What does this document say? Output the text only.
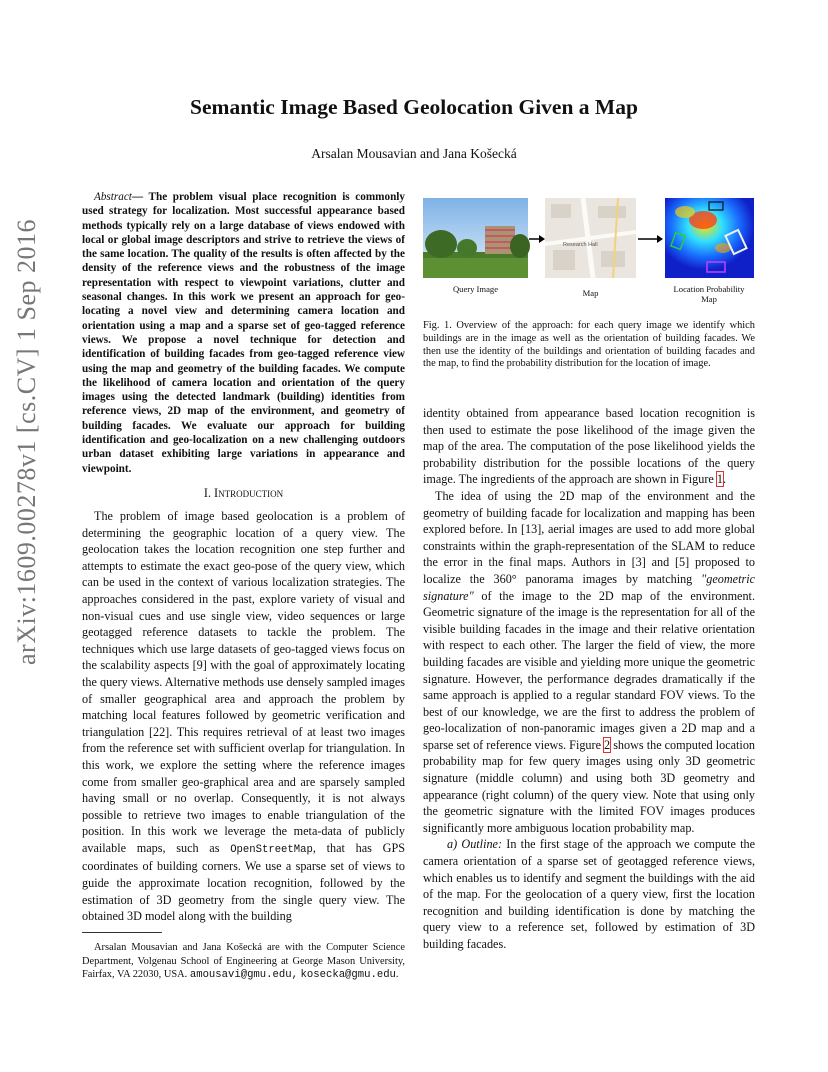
arXiv:1609.00278v1 [cs.CV] 1 Sep 2016
Semantic Image Based Geolocation Given a Map
Arsalan Mousavian and Jana Košecká
Abstract— The problem visual place recognition is commonly used strategy for localization. Most successful appearance based methods typically rely on a large database of views endowed with local or global image descriptors and strive to retrieve the views of the same location. The quality of the results is often affected by the density of the reference views and the robustness of the image representation with respect to viewpoint variations, clutter and seasonal changes. In this work we present an approach for geo-locating a novel view and determining camera location and orientation using a map and a sparse set of geo-tagged reference views. We propose a novel technique for detection and identification of building facades from geo-tagged reference view using the map and geometry of the building facades. We compute the likelihood of camera location and orientation of the query images using the detected landmark (building) identities from reference views, 2D map of the environment, and geometry of building facades. We evaluate our approach for building identification and geo-localization on a new challenging outdoors urban dataset exhibiting large variations in appearance and viewpoint.
I. Introduction

The problem of image based geolocation is a problem of determining the geographic location of a query view. The geolocation takes the location recognition one step further and attempts to estimate the exact geo-pose of the query view, which can be used in the context of various localization strategies. The approaches considered in the past, explore variety of visual and non-visual cues and use single view, video sequences or large geotagged reference datasets to tackle the problem. The techniques which use large datasets of geo-tagged views focus on the scalability aspects [9] with the goal of approximately locating the query views. Alternative methods use densely sampled images of smaller geographical area and approach the problem by matching local features followed by geometric verification and triangulation [22]. This requires retrieval of at least two images from the reference set with sufficient overlap for triangulation. In this work, we explore the setting where the reference images come from smaller geo-graphical area and are sparsely sampled having small or no overlap. Consequently, it is not always possible to retrieve two images to enable triangulation of the position. In this work we leverage the meta-data of publicly available maps, such as OpenStreetMap, that has GPS coordinates of building corners. We use a sparse set of views to guide the approximate location recognition, followed by the estimation of 3D geometry from the single query view. The obtained 3D model along with the building

Arsalan Mousavian and Jana Košecká are with the Computer Science Department, Volgenau School of Engineering at George Mason University, Fairfax, VA 22030, USA. amousavi@gmu.edu, kosecka@gmu.edu.

Research Hall
Query Image	Map	Location Probability
Map
Fig. 1. Overview of the approach: for each query image we identify which buildings are in the image as well as the orientation of building facades. We then use the identity of the buildings and orientation of building facades and the map, to find the probability distribution for the location of image.

identity obtained from appearance based location recognition is then used to estimate the pose likelihood of the image given the map of the area. The computation of the pose likelihood yields the probability distribution for the possible locations of the query image. The ingredients of the approach are shown in Figure 1.

The idea of using the 2D map of the environment and the geometry of building facade for localization and mapping has been explored before. In [13], aerial images are used to add more global constraints within the graph-representation of the SLAM to reduce the error in the final maps. Authors in [3] and [5] proposed to localize the 360° panorama images by matching "geometric signature" of the image to the 2D map of the environment. Geometric signature of the image is the representation for all of the visible building facades in the image and their relative orientation with respect to each other. The larger the field of view, the more building facades are visible and yielding more unique the geometric signature. However, the performance degrades dramatically if the same approach is applied to a regular standard FOV views. To the best of our knowledge, we are the first to address the problem of geo-localization of non-panoramic images given a 2D map and a sparse set of reference views. Figure 2 shows the computed location probability map for few query images using only 3D geometric signature (middle column) and using both 3D geometry and appearance (right column) of the query view. Note that using only the geometric signature with the limited FOV images produces significantly more ambiguous location probability map.

a) Outline: In the first stage of the approach we compute the camera orientation of a sparse set of geotagged reference views, which enables us to identify and segment the buildings with the aid of the map. For the geolocation of a query view, first the location recognition and building identification is done by matching the query view to a reference set, followed by estimation of 3D building facades.
